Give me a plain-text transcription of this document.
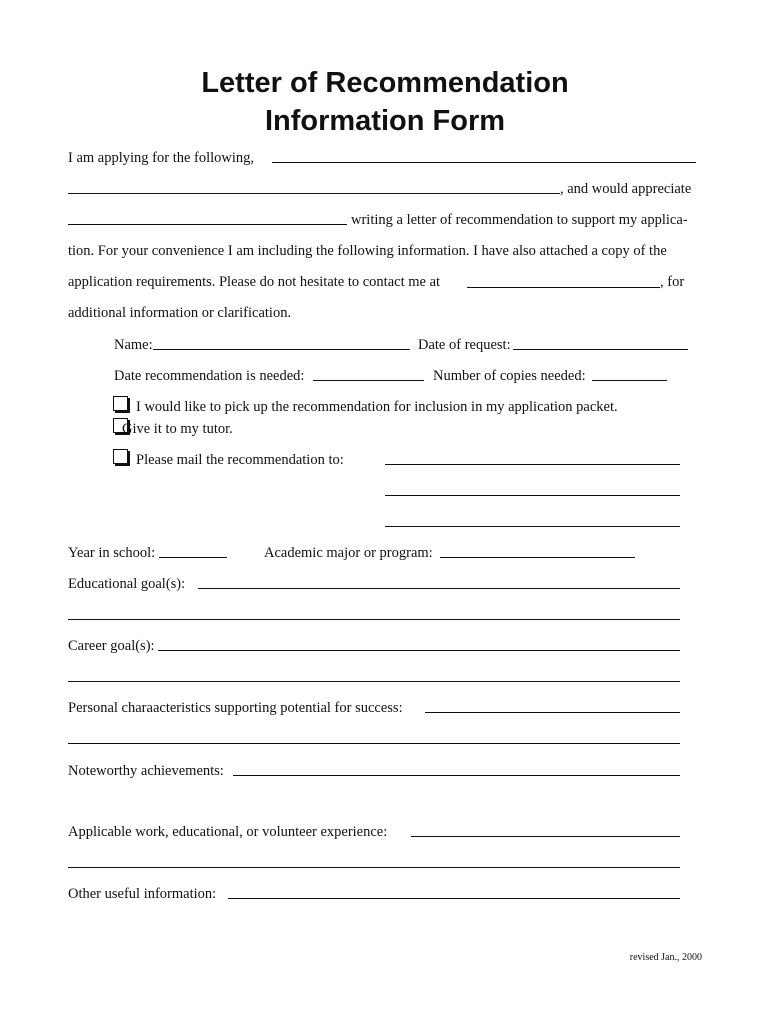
Letter of Recommendation
Information Form
I am applying for the following,
, and would appreciate
writing a letter of recommendation to support my applica-
tion. For your convenience I am including the following information. I have also attached a copy of the
application requirements. Please do not hesitate to contact me at	, for
additional information or clarification.
Name:	Date of request:
Date recommendation is needed:	Number of copies needed:
I would like to pick up the recommendation for inclusion in my application packet.
Give it to my tutor.
Please mail the recommendation to:
Year in school:	Academic major or program:
Educational goal(s):
Career goal(s):
Personal charaacteristics supporting potential for success:
Noteworthy achievements:
Applicable work, educational, or volunteer experience:
Other useful information:
revised Jan., 2000
